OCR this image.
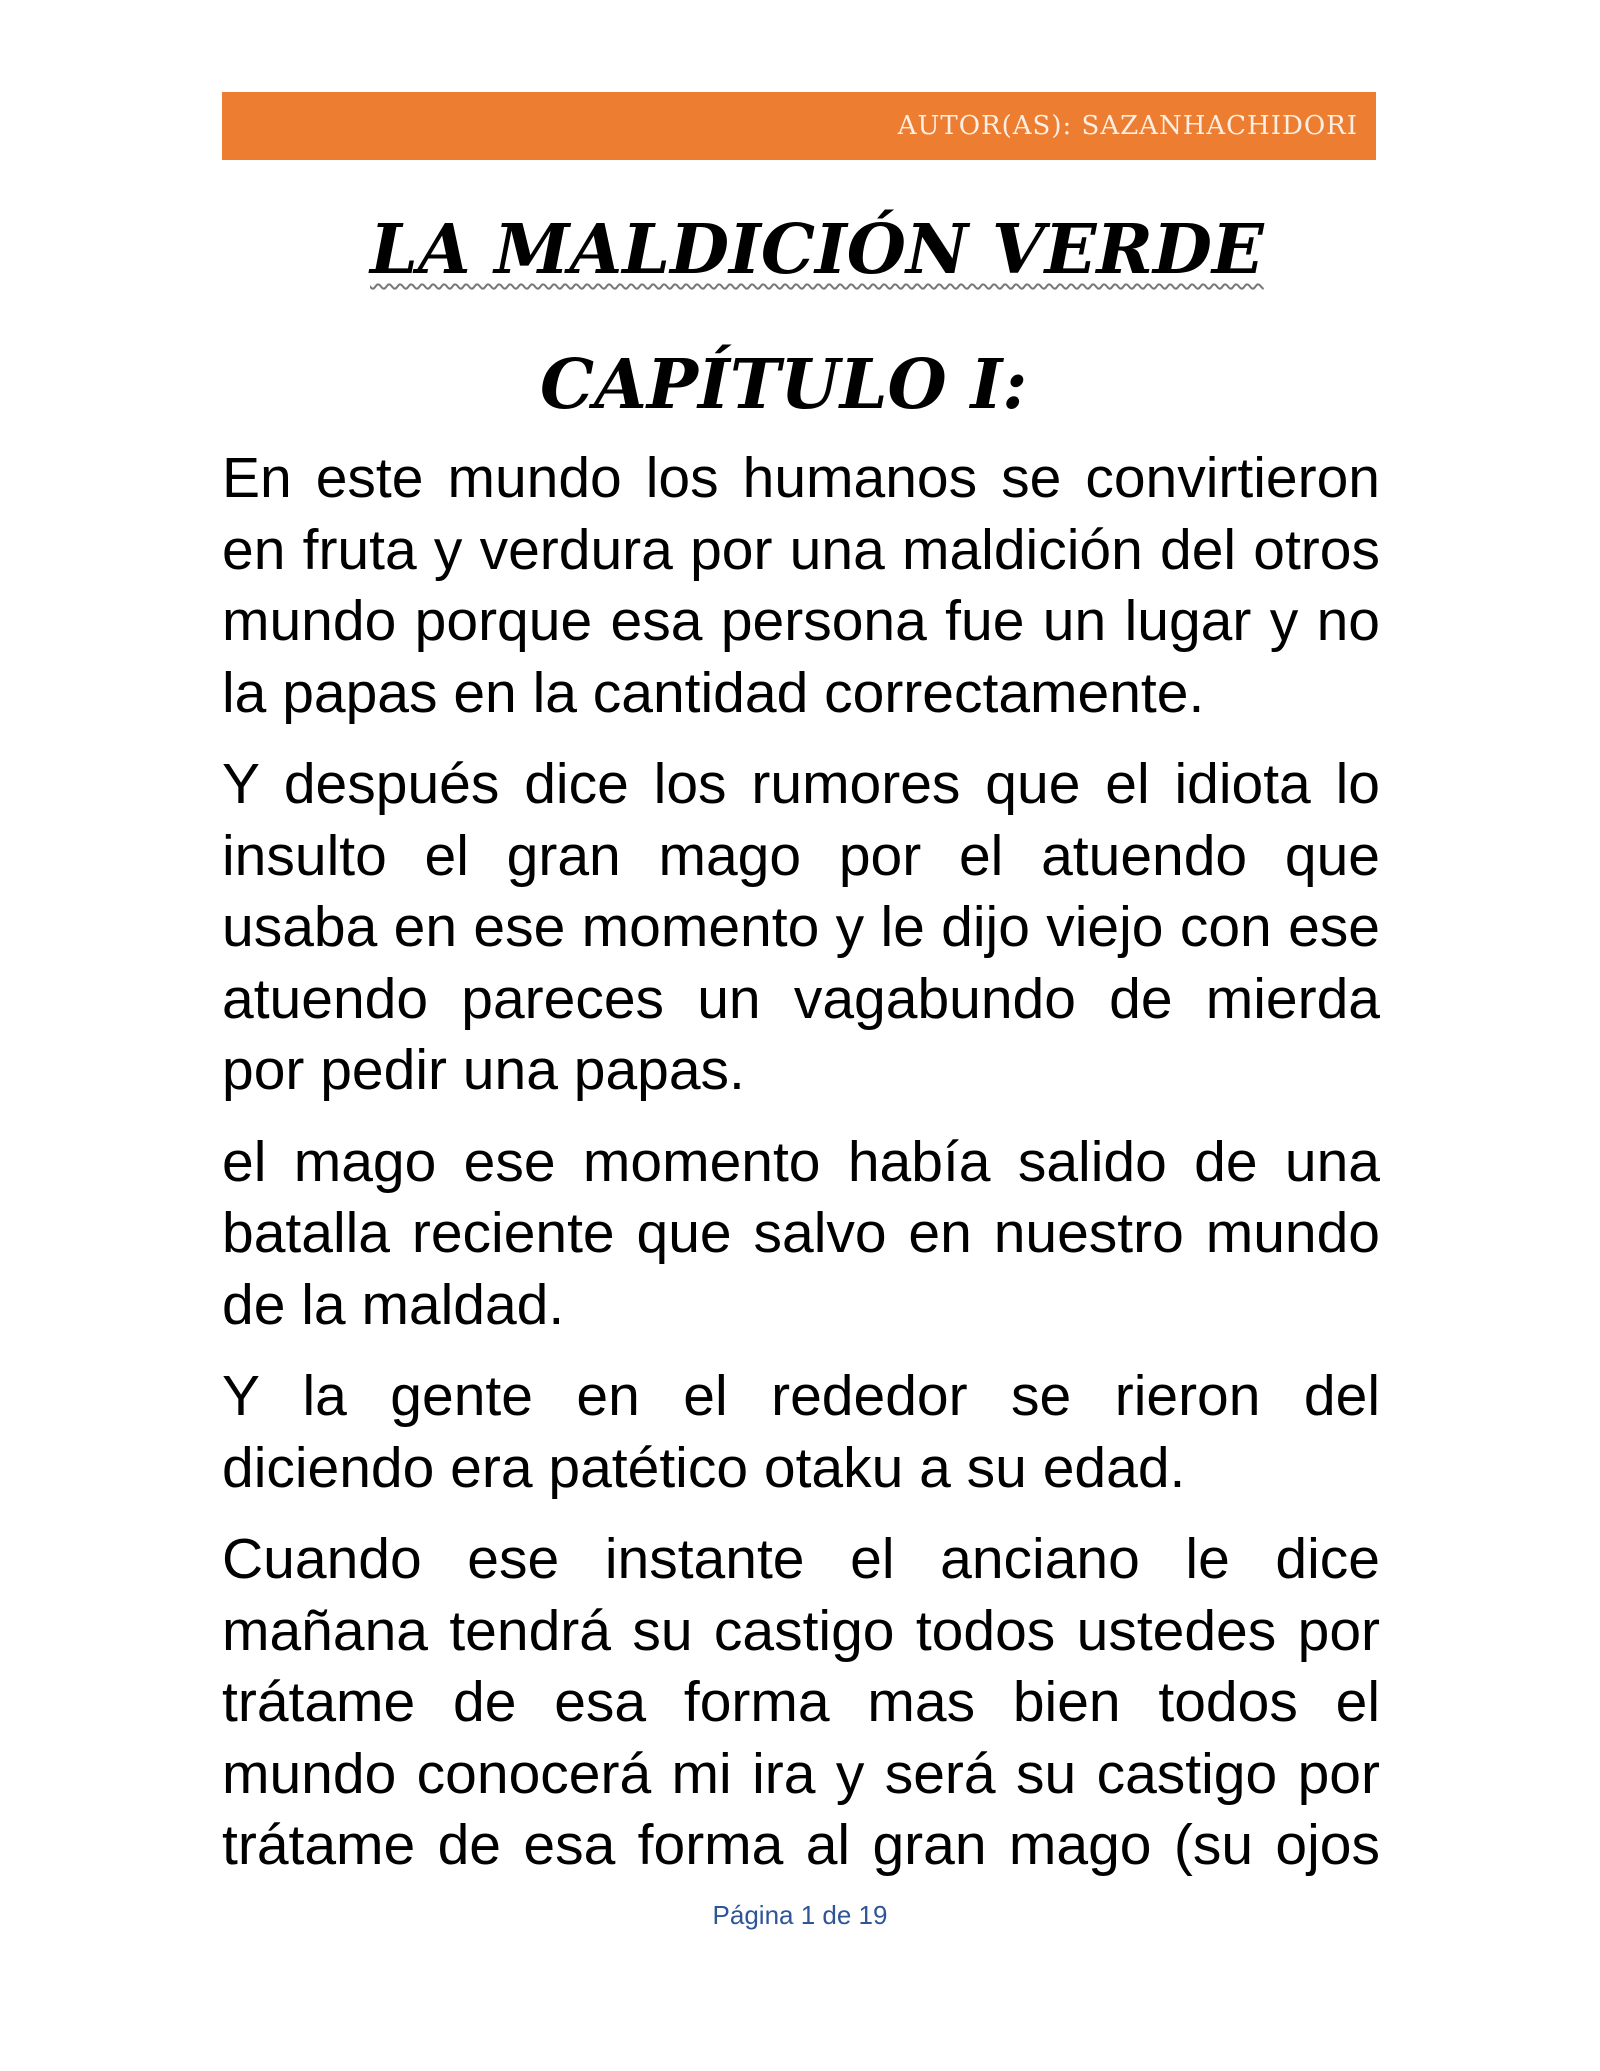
AUTOR(AS): SAZANHACHIDORI
LA MALDICIÓN VERDE
CAPÍTULO I:

En este mundo los humanos se convirtieron en fruta y verdura por una maldición del otros mundo porque esa persona fue un lugar y no la papas en la cantidad correctamente.

Y después dice los rumores que el idiota lo insulto el gran mago por el atuendo que usaba en ese momento y le dijo viejo con ese atuendo pareces un vagabundo de mierda por pedir una papas.

el mago ese momento había salido de una batalla reciente que salvo en nuestro mundo de la maldad.

Y la gente en el rededor se rieron del diciendo era patético otaku a su edad.

Cuando ese instante el anciano le dice mañana tendrá su castigo todos ustedes por trátame de esa forma mas bien todos el mundo conocerá mi ira y será su castigo por trátame de esa forma al gran mago (su ojos

Página 1 de 19
